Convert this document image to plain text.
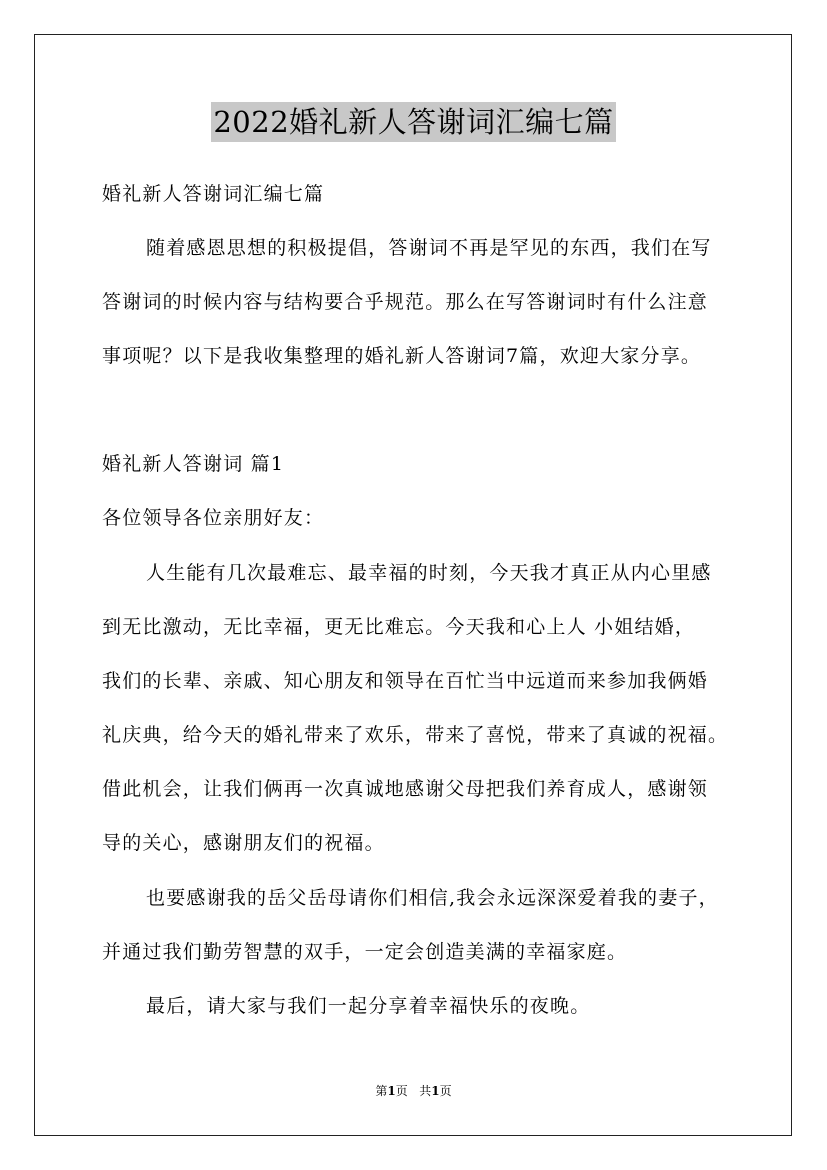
2022婚礼新人答谢词汇编七篇
婚礼新人答谢词汇编七篇
随着感恩思想的积极提倡，答谢词不再是罕见的东西，我们在写
答谢词的时候内容与结构要合乎规范。那么在写答谢词时有什么注意
事项呢？以下是我收集整理的婚礼新人答谢词7篇，欢迎大家分享。
婚礼新人答谢词 篇1
各位领导各位亲朋好友：
人生能有几次最难忘、最幸福的时刻，今天我才真正从内心里感
到无比激动，无比幸福，更无比难忘。今天我和心上人 小姐结婚，
我们的长辈、亲戚、知心朋友和领导在百忙当中远道而来参加我俩婚
礼庆典，给今天的婚礼带来了欢乐，带来了喜悦，带来了真诚的祝福。
借此机会，让我们俩再一次真诚地感谢父母把我们养育成人，感谢领
导的关心，感谢朋友们的祝福。
也要感谢我的岳父岳母请你们相信,我会永远深深爱着我的妻子，
并通过我们勤劳智慧的双手，一定会创造美满的幸福家庭。
最后，请大家与我们一起分享着幸福快乐的夜晚。
第1页 共1页
